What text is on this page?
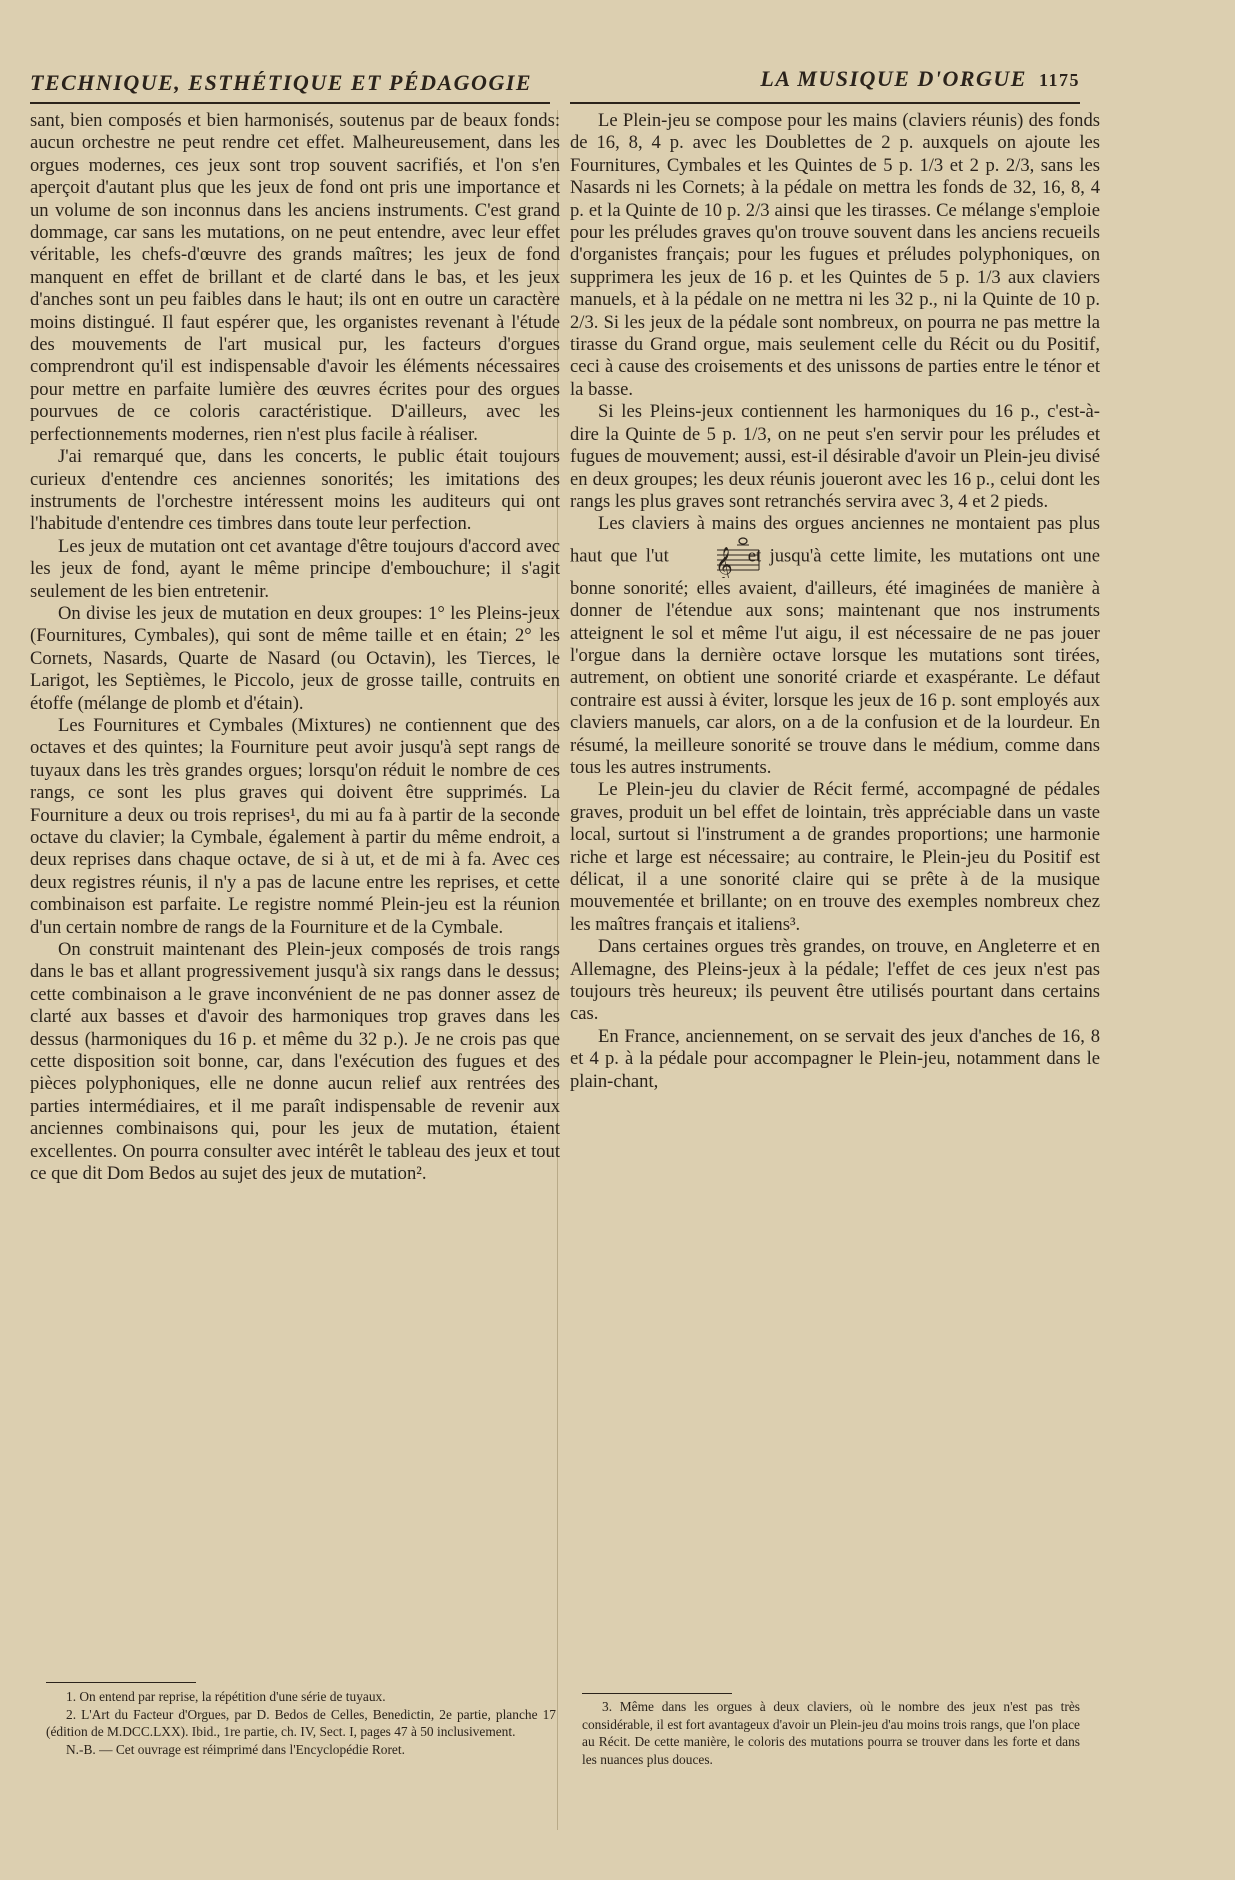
TECHNIQUE, ESTHÉTIQUE ET PÉDAGOGIE	LA MUSIQUE D'ORGUE 1175

sant, bien composés et bien harmonisés, soutenus par de beaux fonds: aucun orchestre ne peut rendre cet effet. Malheureusement, dans les orgues modernes, ces jeux sont trop souvent sacrifiés, et l'on s'en aperçoit d'autant plus que les jeux de fond ont pris une importance et un volume de son inconnus dans les anciens instruments. C'est grand dommage, car sans les mutations, on ne peut entendre, avec leur effet véritable, les chefs-d'œuvre des grands maîtres; les jeux de fond manquent en effet de brillant et de clarté dans le bas, et les jeux d'anches sont un peu faibles dans le haut; ils ont en outre un caractère moins distingué. Il faut espérer que, les organistes revenant à l'étude des mouvements de l'art musical pur, les facteurs d'orgues comprendront qu'il est indispensable d'avoir les éléments nécessaires pour mettre en parfaite lumière des œuvres écrites pour des orgues pourvues de ce coloris caractéristique. D'ailleurs, avec les perfectionnements modernes, rien n'est plus facile à réaliser.

J'ai remarqué que, dans les concerts, le public était toujours curieux d'entendre ces anciennes sonorités; les imitations des instruments de l'orchestre intéressent moins les auditeurs qui ont l'habitude d'entendre ces timbres dans toute leur perfection.

Les jeux de mutation ont cet avantage d'être toujours d'accord avec les jeux de fond, ayant le même principe d'embouchure; il s'agit seulement de les bien entretenir.

On divise les jeux de mutation en deux groupes: 1° les Pleins-jeux (Fournitures, Cymbales), qui sont de même taille et en étain; 2° les Cornets, Nasards, Quarte de Nasard (ou Octavin), les Tierces, le Larigot, les Septièmes, le Piccolo, jeux de grosse taille, contruits en étoffe (mélange de plomb et d'étain).

Les Fournitures et Cymbales (Mixtures) ne contiennent que des octaves et des quintes; la Fourniture peut avoir jusqu'à sept rangs de tuyaux dans les très grandes orgues; lorsqu'on réduit le nombre de ces rangs, ce sont les plus graves qui doivent être supprimés. La Fourniture a deux ou trois reprises¹, du mi au fa à partir de la seconde octave du clavier; la Cymbale, également à partir du même endroit, a deux reprises dans chaque octave, de si à ut, et de mi à fa. Avec ces deux registres réunis, il n'y a pas de lacune entre les reprises, et cette combinaison est parfaite. Le registre nommé Plein-jeu est la réunion d'un certain nombre de rangs de la Fourniture et de la Cymbale.

On construit maintenant des Plein-jeux composés de trois rangs dans le bas et allant progressivement jusqu'à six rangs dans le dessus; cette combinaison a le grave inconvénient de ne pas donner assez de clarté aux basses et d'avoir des harmoniques trop graves dans les dessus (harmoniques du 16 p. et même du 32 p.). Je ne crois pas que cette disposition soit bonne, car, dans l'exécution des fugues et des pièces polyphoniques, elle ne donne aucun relief aux rentrées des parties intermédiaires, et il me paraît indispensable de revenir aux anciennes combinaisons qui, pour les jeux de mutation, étaient excellentes. On pourra consulter avec intérêt le tableau des jeux et tout ce que dit Dom Bedos au sujet des jeux de mutation².

1. On entend par reprise, la répétition d'une série de tuyaux.

2. L'Art du Facteur d'Orgues, par D. Bedos de Celles, Benedictin, 2e partie, planche 17 (édition de M.DCC.LXX). Ibid., 1re partie, ch. IV, Sect. I, pages 47 à 50 inclusivement.

N.-B. — Cet ouvrage est réimprimé dans l'Encyclopédie Roret.

Le Plein-jeu se compose pour les mains (claviers réunis) des fonds de 16, 8, 4 p. avec les Doublettes de 2 p. auxquels on ajoute les Fournitures, Cymbales et les Quintes de 5 p. 1/3 et 2 p. 2/3, sans les Nasards ni les Cornets; à la pédale on mettra les fonds de 32, 16, 8, 4 p. et la Quinte de 10 p. 2/3 ainsi que les tirasses. Ce mélange s'emploie pour les préludes graves qu'on trouve souvent dans les anciens recueils d'organistes français; pour les fugues et préludes polyphoniques, on supprimera les jeux de 16 p. et les Quintes de 5 p. 1/3 aux claviers manuels, et à la pédale on ne mettra ni les 32 p., ni la Quinte de 10 p. 2/3. Si les jeux de la pédale sont nombreux, on pourra ne pas mettre la tirasse du Grand orgue, mais seulement celle du Récit ou du Positif, ceci à cause des croisements et des unissons de parties entre le ténor et la basse.

Si les Pleins-jeux contiennent les harmoniques du 16 p., c'est-à-dire la Quinte de 5 p. 1/3, on ne peut s'en servir pour les préludes et fugues de mouvement; aussi, est-il désirable d'avoir un Plein-jeu divisé en deux groupes; les deux réunis joueront avec les 16 p., celui dont les rangs les plus graves sont retranchés servira avec 3, 4 et 2 pieds.

Les claviers à mains des orgues anciennes ne montaient pas plus haut que l'ut 𝄞 et jusqu'à cette limite, les mutations ont une bonne sonorité; elles avaient, d'ailleurs, été imaginées de manière à donner de l'étendue aux sons; maintenant que nos instruments atteignent le sol et même l'ut aigu, il est nécessaire de ne pas jouer l'orgue dans la dernière octave lorsque les mutations sont tirées, autrement, on obtient une sonorité criarde et exaspérante. Le défaut contraire est aussi à éviter, lorsque les jeux de 16 p. sont employés aux claviers manuels, car alors, on a de la confusion et de la lourdeur. En résumé, la meilleure sonorité se trouve dans le médium, comme dans tous les autres instruments.

Le Plein-jeu du clavier de Récit fermé, accompagné de pédales graves, produit un bel effet de lointain, très appréciable dans un vaste local, surtout si l'instrument a de grandes proportions; une harmonie riche et large est nécessaire; au contraire, le Plein-jeu du Positif est délicat, il a une sonorité claire qui se prête à de la musique mouvementée et brillante; on en trouve des exemples nombreux chez les maîtres français et italiens³.

Dans certaines orgues très grandes, on trouve, en Angleterre et en Allemagne, des Pleins-jeux à la pédale; l'effet de ces jeux n'est pas toujours très heureux; ils peuvent être utilisés pourtant dans certains cas.

En France, anciennement, on se servait des jeux d'anches de 16, 8 et 4 p. à la pédale pour accompagner le Plein-jeu, notamment dans le plain-chant,

3. Même dans les orgues à deux claviers, où le nombre des jeux n'est pas très considérable, il est fort avantageux d'avoir un Plein-jeu d'au moins trois rangs, que l'on place au Récit. De cette manière, le coloris des mutations pourra se trouver dans les forte et dans les nuances plus douces.
